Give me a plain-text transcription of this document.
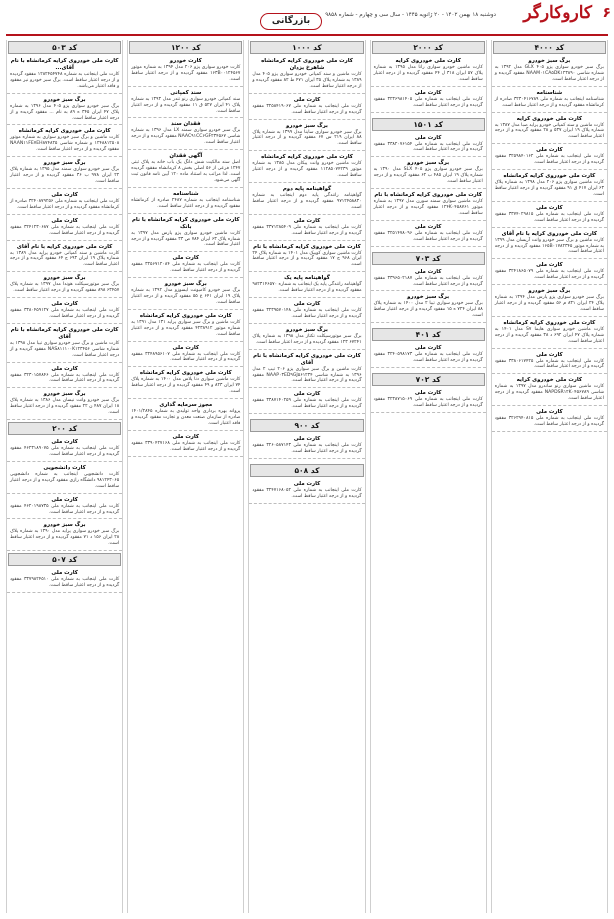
۶
کاروکارگر
دوشنبه ۱۸ بهمن ۱۴۰۲ - ۲۰ ژانویه ۱۴۴۵ - سال سی و چهارم - شماره ۹۸۵۸
بازرگانی
کد ۵۰۳
کارت ملی خودروی کرایه کرمانشاه با نام آقای...
کارت ملی اینجانب به شماره ۱۲۸۲۴۵۴۷۴۸ مفقود گردیده و از درجه اعتبار ساقط است. برگ سبز خودرو نیز مفقود و فاقد اعتبار می‌باشد.
برگ سبز خودرو
برگ سبز خودرو سواری پژو ۴۰۵ مدل ۱۳۹۶ به شماره پلاک ۴۷ ایران ۳۴۵ ه ۸۹ به نام ... مفقود گردیده و از درجه اعتبار ساقط است.
کارت ملی خودروی کرایه کرمانشاه
کارت ماشین و برگ سبز خودرو سواری به شماره موتور ۱۲۴۸۸۱۲۵۰۸ و شماره شاسی NAAN۱۱FE۷EH۸۷۴۸۲۵ مفقود گردیده و از درجه اعتبار ساقط است.
برگ سبز خودرو
برگ سبز خودرو سواری سمند مدل ۱۳۹۵ به شماره پلاک ۲۲ ایران ۹۷۸ ب ۳۶ مفقود گردیده و از درجه اعتبار ساقط است.
کارت ملی
کارت ملی اینجانب به شماره ملی ۳۲۴۰۸۷۹۲۵۶ صادره از کرمانشاه مفقود گردیده و از درجه اعتبار ساقط است.
کارت ملی
کارت ملی اینجانب به شماره ملی ۳۲۴۱۲۳۰۶۸۷ مفقود گردیده و از درجه اعتبار ساقط است.
کارت ملی خودروی کرایه با نام آقای
کارت ماشین و سند کمپانی خودرو پراید مدل ۱۳۸۹ به شماره پلاک ۱۹ ایران ۶۹۳ ج ۶۴ مفقود گردیده و از درجه اعتبار ساقط است.
برگ سبز خودرو
برگ سبز موتورسیکلت هوندا مدل ۱۳۹۷ به شماره پلاک ۶۳۴۵۷ ۸۹۸ مفقود گردیده و از درجه اعتبار ساقط است.
کارت ملی
کارت ملی اینجانب به شماره ملی ۳۳۸۰۴۵۹۱۲۷ مفقود گردیده و از درجه اعتبار ساقط است.
کارت ملی خودروی کرایه کرمانشاه با نام آقای
کارت ماشین و برگ سبز خودرو سواری تیبا مدل ۱۳۹۸ به شماره شاسی NAS۸۱۱۱۰۰K۱۲۳۴۵۶ مفقود گردیده و از درجه اعتبار ساقط است.
کارت ملی
کارت ملی اینجانب به شماره ملی ۳۲۳۰۱۵۷۸۴۶ مفقود گردیده و از درجه اعتبار ساقط است.
برگ سبز خودرو
برگ سبز خودرو وانت نیسان مدل ۱۳۸۶ به شماره پلاک ۱۸ ایران ۴۸۷ ن ۲۲ مفقود گردیده و از درجه اعتبار ساقط است.
کد ۲۰۰
کارت ملی
کارت ملی اینجانب به شماره ملی ۴۶۲۳۱۸۹۰۷۵ مفقود گردیده و از درجه اعتبار ساقط است.
کارت دانشجویی
کارت دانشجویی اینجانب به شماره دانشجویی ۹۸۱۲۴۳۰۶۵ دانشگاه رازی مفقود گردیده و از درجه اعتبار ساقط است.
کارت ملی
کارت ملی اینجانب به شماره ملی ۴۶۲۰۱۹۸۷۳۵ مفقود گردیده و از درجه اعتبار ساقط است.
برگ سبز خودرو
برگ سبز خودرو سواری پراید مدل ۱۳۹۰ به شماره پلاک ۲۸ ایران ۱۵۶ د ۷۱ مفقود گردیده و از درجه اعتبار ساقط است.
کد ۵۰۷
کارت ملی
کارت ملی اینجانب به شماره ملی ۳۳۷۹۸۲۴۵۱۰ مفقود گردیده و از درجه اعتبار ساقط است.
کد ۱۲۰۰
کارت خودرو
کارت خودرو سواری پژو ۲۰۶ مدل ۱۳۹۴ به شماره موتور ۱۶۳B۰۰۱۲۴۵۶۷ مفقود گردیده و از درجه اعتبار ساقط است.
سند کمپانی
سند کمپانی خودرو سواری رنو تندر مدل ۱۳۹۳ به شماره پلاک ۴۱ ایران ۵۲۷ ق ۱۱ مفقود گردیده و از درجه اعتبار ساقط است.
فقدان سند
برگ سبز خودرو سواری سمند LX مدل ۱۳۹۶ به شماره شاسی NAAC۹۱CC۶GF۲۳۴۵۶۷ مفقود گردیده و از درجه اعتبار ساقط است.
آگهی فقدان
اصل سند مالکیت شش دانگ یک باب خانه به پلاک ثبتی ۱۲۴۷ فرعی از ۵۶ اصلی بخش ۸ کرمانشاه مفقود گردیده است. لذا مراتب به استناد ماده ۱۲۰ آیین نامه قانون ثبت آگهی می‌شود.
شناسنامه
شناسنامه اینجانب به شماره ۲۴۸۷ صادره از کرمانشاه مفقود گردیده و از درجه اعتبار ساقط است.
کارت ملی خودروی کرایه کرمانشاه با نام بانک
کارت ماشین خودرو سواری پژو پارس مدل ۱۳۹۷ به شماره پلاک ۶۳ ایران ۷۸۴ ص ۳۳ مفقود گردیده و از درجه اعتبار ساقط است.
کارت ملی
کارت ملی اینجانب به شماره ملی ۳۲۵۶۷۱۲۰۸۴ مفقود گردیده و از درجه اعتبار ساقط است.
برگ سبز خودرو
برگ سبز خودرو کامیونت ایسوزو مدل ۱۳۹۲ به شماره پلاک ۱۹ ایران ۶۴۱ ع ۵۵ مفقود گردیده و از درجه اعتبار ساقط است.
کارت ملی خودروی کرایه کرمانشاه
کارت ماشین و برگ سبز سواری پراید ۱۳۱ مدل ۱۳۹۱ به شماره موتور ۴۲۳۸۹۱۲ مفقود گردیده و از درجه اعتبار ساقط است.
کارت ملی
کارت ملی اینجانب به شماره ملی ۳۲۴۸۹۵۶۱۰۷ مفقود گردیده و از درجه اعتبار ساقط است.
کارت ملی خودروی کرایه کرمانشاه
کارت ماشین سواری دنا پلاس مدل ۱۴۰۰ به شماره پلاک ۷۴ ایران ۸۲۳ و ۴۹ مفقود گردیده و از درجه اعتبار ساقط است.
مجوز سرمایه گذاری
پروانه بهره برداری واحد تولیدی به شماره ۱۴۰۱/۲۸۴۵ صادره از سازمان صنعت معدن و تجارت مفقود گردیده و فاقد اعتبار است.
کارت ملی
کارت ملی اینجانب به شماره ملی ۳۳۹۰۴۲۷۱۶۸ مفقود گردیده و از درجه اعتبار ساقط است.
کد ۱۰۰۰
کارت ملی خودروی کرایه کرمانشاه شاهرخ یزدان
کارت ماشین و سند کمپانی خودرو سواری پژو ۴۰۵ مدل ۱۳۸۹ به شماره پلاک ۳۵ ایران ۴۷۱ ط ۸۲ مفقود گردیده و از درجه اعتبار ساقط است.
کارت ملی
کارت ملی اینجانب به شماره ملی ۳۲۵۸۴۱۹۰۶۷ مفقود گردیده و از درجه اعتبار ساقط است.
برگ سبز خودرو
برگ سبز خودرو سواری ساینا مدل ۱۳۹۹ به شماره پلاک ۸۸ ایران ۲۱۹ س ۶۷ مفقود گردیده و از درجه اعتبار ساقط است.
کارت ملی خودروی کرایه کرمانشاه
کارت ماشین خودرو وانت پیکان مدل ۱۳۸۵ به شماره موتور ۱۱۲۸۵۰۷۴۲۳۹ مفقود گردیده و از درجه اعتبار ساقط است.
گواهینامه پایه دوم
گواهینامه رانندگی پایه دوم اینجانب به شماره ۹۷۱۲۴۵۸۸۳۰ مفقود گردیده و از درجه اعتبار ساقط است.
کارت ملی
کارت ملی اینجانب به شماره ملی ۳۳۷۱۲۸۵۴۰۹ مفقود گردیده و از درجه اعتبار ساقط است.
کارت ملی خودروی کرایه کرمانشاه با نام
کارت ماشین سواری کوییک مدل ۱۴۰۱ به شماره پلاک ۲۴ ایران ۹۶۸ ج ۱۷ مفقود گردیده و از درجه اعتبار ساقط است.
گواهینامه پایه یک
گواهینامه رانندگی پایه یک اینجانب به شماره ۹۸۲۳۱۴۶۵۷۰ مفقود گردیده و از درجه اعتبار ساقط است.
کارت ملی
کارت ملی اینجانب به شماره ملی ۳۲۳۹۵۷۰۱۴۸ مفقود گردیده و از درجه اعتبار ساقط است.
برگ سبز خودرو
برگ سبز موتورسیکلت تکتاز مدل ۱۳۹۸ به شماره پلاک ۶۷۲۴۱ ۱۲۳ مفقود گردیده و از درجه اعتبار ساقط است.
کارت ملی خودروی کرایه کرمانشاه با نام آقای
کارت ماشین و برگ سبز سواری پژو ۲۰۶ تیپ ۲ مدل ۱۳۹۶ به شماره شاسی NAAP۰۳ED۹GJ۵۶۱۲۳۴ مفقود گردیده و از درجه اعتبار ساقط است.
کارت ملی
کارت ملی اینجانب به شماره ملی ۳۳۸۷۱۴۰۲۵۹ مفقود گردیده و از درجه اعتبار ساقط است.
کد ۹۰۰
کارت ملی
کارت ملی اینجانب به شماره ملی ۳۲۶۰۵۸۷۱۴۳ مفقود گردیده و از درجه اعتبار ساقط است.
کد ۵۰۸
کارت ملی
کارت ملی اینجانب به شماره ملی ۳۲۴۷۱۶۸۰۵۲ مفقود گردیده و از درجه اعتبار ساقط است.
کد ۲۰۰۰
کارت ملی خودروی کرایه
کارت ماشین خودرو سواری رانا مدل ۱۳۹۵ به شماره پلاک ۵۷ ایران ۳۱۸ ل ۴۴ مفقود گردیده و از درجه اعتبار ساقط است.
کارت ملی
کارت ملی اینجانب به شماره ملی ۳۲۳۶۹۸۱۴۰۵ مفقود گردیده و از درجه اعتبار ساقط است.
کد ۱۵۰۱
کارت ملی
کارت ملی اینجانب به شماره ملی ۳۳۸۲۰۷۶۱۵۴ مفقود گردیده و از درجه اعتبار ساقط است.
برگ سبز خودرو
برگ سبز خودرو سواری پژو ۴۰۵ SLX مدل ۱۳۹۰ به شماره پلاک ۱۹ ایران ۴۸۵ ب ۶۲ مفقود گردیده و از درجه اعتبار ساقط است.
کارت ملی خودروی کرایه کرمانشاه با نام
کارت ماشین سواری سمند سورن مدل ۱۳۹۷ به شماره موتور ۱۲۴K۰۴۵۸۷۶۱ مفقود گردیده و از درجه اعتبار ساقط است.
کارت ملی
کارت ملی اینجانب به شماره ملی ۳۲۵۱۴۷۸۰۹۶ مفقود گردیده و از درجه اعتبار ساقط است.
کد ۷۰۳
کارت ملی
کارت ملی اینجانب به شماره ملی ۳۳۹۶۵۰۲۱۸۷ مفقود گردیده و از درجه اعتبار ساقط است.
برگ سبز خودرو
برگ سبز خودرو سواری تیبا ۲ مدل ۱۴۰۰ به شماره پلاک ۸۸ ایران ۷۲۴ ه ۱۵ مفقود گردیده و از درجه اعتبار ساقط است.
کد ۴۰۱
کارت ملی
کارت ملی اینجانب به شماره ملی ۳۲۴۰۵۹۸۱۷۳ مفقود گردیده و از درجه اعتبار ساقط است.
کد ۷۰۲
کارت ملی
کارت ملی اینجانب به شماره ملی ۳۲۳۸۷۱۵۰۶۹ مفقود گردیده و از درجه اعتبار ساقط است.
کد ۴۰۰۰
برگ سبز خودرو
برگ سبز خودرو سواری پژو ۴۰۵ GLX مدل ۱۳۹۲ به شماره شاسی NAAM۰۱CA۵DK۱۲۳۸۹۰ مفقود گردیده و از درجه اعتبار ساقط است.
شناسنامه
شناسنامه اینجانب به شماره ملی ۳۲۳۰۴۱۶۷۸۹ صادره از کرمانشاه مفقود گردیده و از درجه اعتبار ساقط است.
کارت ملی خودروی کرایه
کارت ماشین و سند کمپانی خودرو پراید صبا مدل ۱۳۸۷ به شماره پلاک ۱۹ ایران ۵۳۷ و ۲۸ مفقود گردیده و از درجه اعتبار ساقط است.
کارت ملی
کارت ملی اینجانب به شماره ملی ۳۲۵۹۸۴۰۱۶۲ مفقود گردیده و از درجه اعتبار ساقط است.
کارت ملی خودروی کرایه کرمانشاه
کارت ماشین سواری پژو ۲۰۶ مدل ۱۳۹۸ به شماره پلاک ۶۳ ایران ۴۱۷ ق ۹۱ مفقود گردیده و از درجه اعتبار ساقط است.
کارت ملی
کارت ملی اینجانب به شماره ملی ۳۳۷۴۰۲۹۸۱۵ مفقود گردیده و از درجه اعتبار ساقط است.
کارت ملی خودروی کرایه با نام آقای
کارت ماشین و برگ سبز خودرو وانت آریسان مدل ۱۳۹۹ به شماره موتور ۱۶۵B۰۱۷۸۲۳۴۵ مفقود گردیده و از درجه اعتبار ساقط است.
کارت ملی
کارت ملی اینجانب به شماره ملی ۳۲۴۱۸۶۵۰۷۹ مفقود گردیده و از درجه اعتبار ساقط است.
برگ سبز خودرو
برگ سبز خودرو سواری پژو پارس مدل ۱۳۹۴ به شماره پلاک ۲۴ ایران ۸۳۱ م ۵۶ مفقود گردیده و از درجه اعتبار ساقط است.
کارت ملی خودروی کرایه کرمانشاه
کارت ماشین خودرو سواری هایما S۷ مدل ۱۴۰۱ به شماره پلاک ۴۷ ایران ۶۹۲ د ۳۸ مفقود گردیده و از درجه اعتبار ساقط است.
کارت ملی
کارت ملی اینجانب به شماره ملی ۳۳۸۰۶۱۷۴۲۵ مفقود گردیده و از درجه اعتبار ساقط است.
کارت ملی خودروی کرایه
کارت ماشین سواری رنو ساندرو مدل ۱۳۹۷ به شماره شاسی NAPDSR۱۲K۰۴۵۶۷۸۹ مفقود گردیده و از درجه اعتبار ساقط است.
کارت ملی
کارت ملی اینجانب به شماره ملی ۳۲۶۲۹۴۰۸۱۵ مفقود گردیده و از درجه اعتبار ساقط است.
